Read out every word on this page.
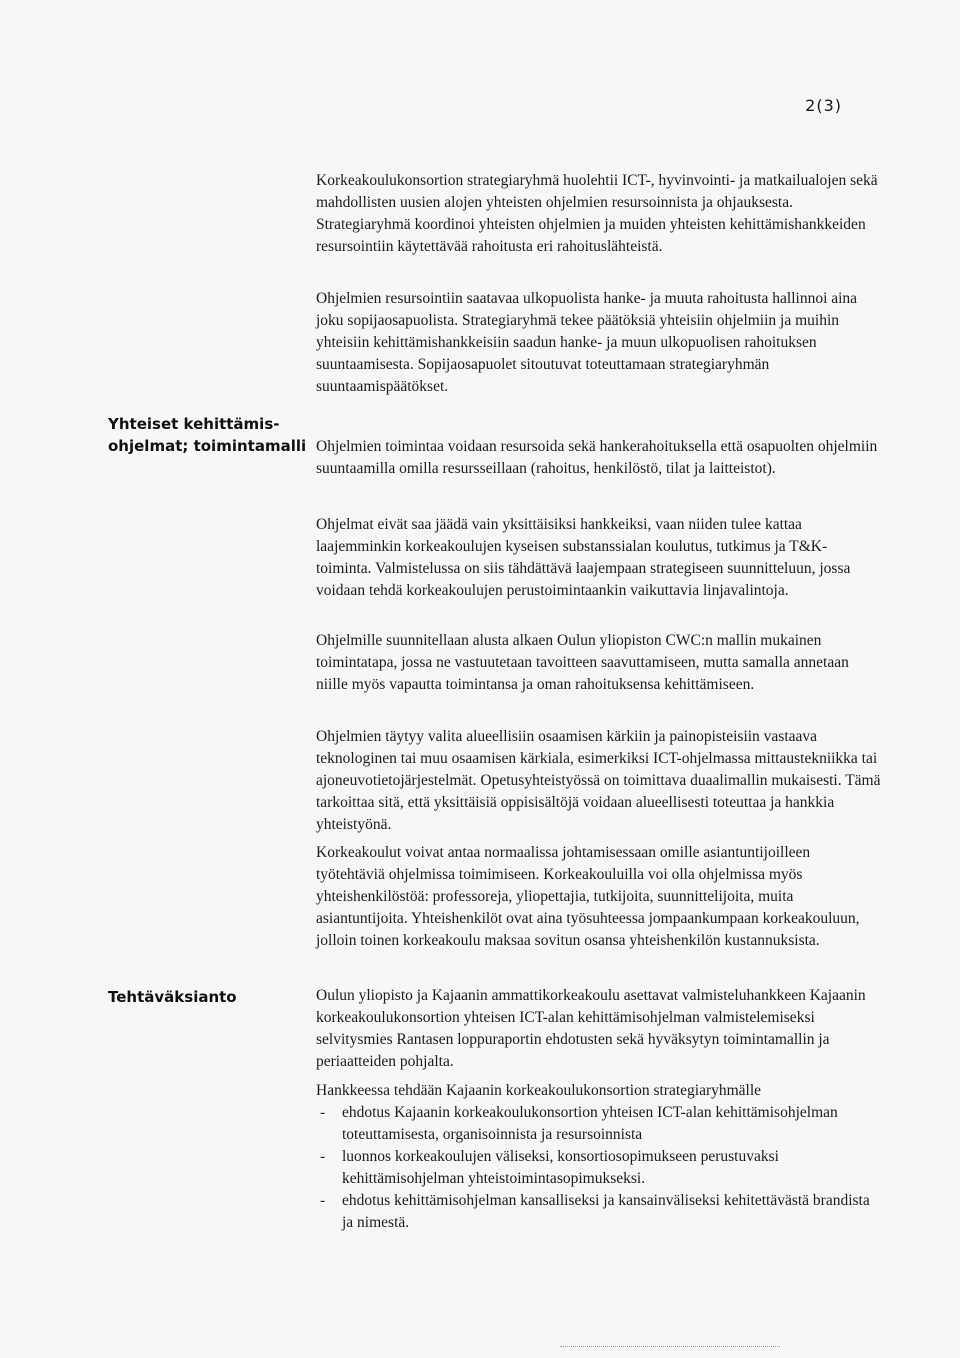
2(3)

Korkeakoulukonsortion strategiaryhmä huolehtii ICT-, hyvinvointi- ja matkailualojen sekä mahdollisten uusien alojen yhteisten ohjelmien resursoinnista ja ohjauksesta. Strategiaryhmä koordinoi yhteisten ohjelmien ja muiden yhteisten kehittämishankkeiden resursointiin käytettävää rahoitusta eri rahoituslähteistä.

Ohjelmien resursointiin saatavaa ulkopuolista hanke- ja muuta rahoitusta hallinnoi aina joku sopijaosapuolista. Strategiaryhmä tekee päätöksiä yhteisiin ohjelmiin ja muihin yhteisiin kehittämishankkeisiin saadun hanke- ja muun ulkopuolisen rahoituksen suuntaamisesta. Sopijaosapuolet sitoutuvat toteuttamaan strategiaryhmän suuntaamispäätökset.

Yhteiset kehittämis-
ohjelmat; toimintamalli Ohjelmien toimintaa voidaan resursoida sekä hankerahoituksella että osapuolten ohjelmiin suuntaamilla omilla resursseillaan (rahoitus, henkilöstö, tilat ja laitteistot).

Ohjelmat eivät saa jäädä vain yksittäisiksi hankkeiksi, vaan niiden tulee kattaa laajemminkin korkeakoulujen kyseisen substanssialan koulutus, tutkimus ja T&K-toiminta. Valmistelussa on siis tähdättävä laajempaan strategiseen suunnitteluun, jossa voidaan tehdä korkeakoulujen perustoimintaankin vaikuttavia linjavalintoja.

Ohjelmille suunnitellaan alusta alkaen Oulun yliopiston CWC:n mallin mukainen toimintatapa, jossa ne vastuutetaan tavoitteen saavuttamiseen, mutta samalla annetaan niille myös vapautta toimintansa ja oman rahoituksensa kehittämiseen.

Ohjelmien täytyy valita alueellisiin osaamisen kärkiin ja painopisteisiin vastaava teknologinen tai muu osaamisen kärkiala, esimerkiksi ICT-ohjelmassa mittaustekniikka tai ajoneuvotietojärjestelmät. Opetusyhteistyössä on toimittava duaalimallin mukaisesti. Tämä tarkoittaa sitä, että yksittäisiä oppisisältöjä voidaan alueellisesti toteuttaa ja hankkia yhteistyönä.

Korkeakoulut voivat antaa normaalissa johtamisessaan omille asiantuntijoilleen työtehtäviä ohjelmissa toimimiseen. Korkeakouluilla voi olla ohjelmissa myös yhteishenkilöstöä: professoreja, yliopettajia, tutkijoita, suunnittelijoita, muita asiantuntijoita. Yhteishenkilöt ovat aina työsuhteessa jompaankumpaan korkeakouluun, jolloin toinen korkeakoulu maksaa sovitun osansa yhteishenkilön kustannuksista.

Tehtäväksianto	Oulun yliopisto ja Kajaanin ammattikorkeakoulu asettavat valmisteluhankkeen Kajaanin korkeakoulukonsortion yhteisen ICT-alan kehittämisohjelman valmistelemiseksi selvitysmies Rantasen loppuraportin ehdotusten sekä hyväksytyn toimintamallin ja periaatteiden pohjalta.

Hankkeessa tehdään Kajaanin korkeakoulukonsortion strategiaryhmälle

- ehdotus Kajaanin korkeakoulukonsortion yhteisen ICT-alan kehittämisohjelman toteuttamisesta, organisoinnista ja resursoinnista
- luonnos korkeakoulujen väliseksi, konsortiosopimukseen perustuvaksi kehittämisohjelman yhteistoimintasopimukseksi.
- ehdotus kehittämisohjelman kansalliseksi ja kansainväliseksi kehitettävästä brandista ja nimestä.
